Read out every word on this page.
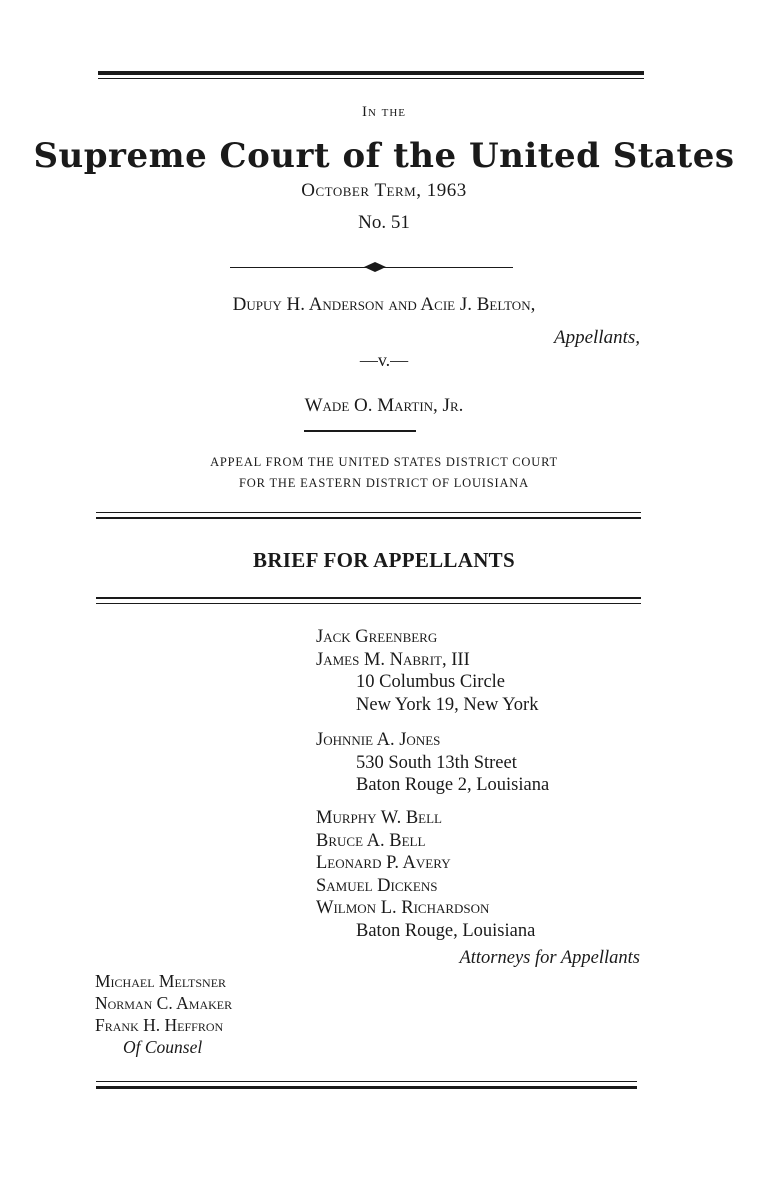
In the
Supreme Court of the United States
October Term, 1963
No. 51
Dupuy H. Anderson and Acie J. Belton,
Appellants,
—v.—
Wade O. Martin, Jr.
APPEAL FROM THE UNITED STATES DISTRICT COURT
FOR THE EASTERN DISTRICT OF LOUISIANA
BRIEF FOR APPELLANTS
Jack Greenberg
James M. Nabrit, III
10 Columbus Circle
New York 19, New York
Johnnie A. Jones
530 South 13th Street
Baton Rouge 2, Louisiana
Murphy W. Bell
Bruce A. Bell
Leonard P. Avery
Samuel Dickens
Wilmon L. Richardson
Baton Rouge, Louisiana
Attorneys for Appellants
Michael Meltsner
Norman C. Amaker
Frank H. Heffron
Of Counsel
